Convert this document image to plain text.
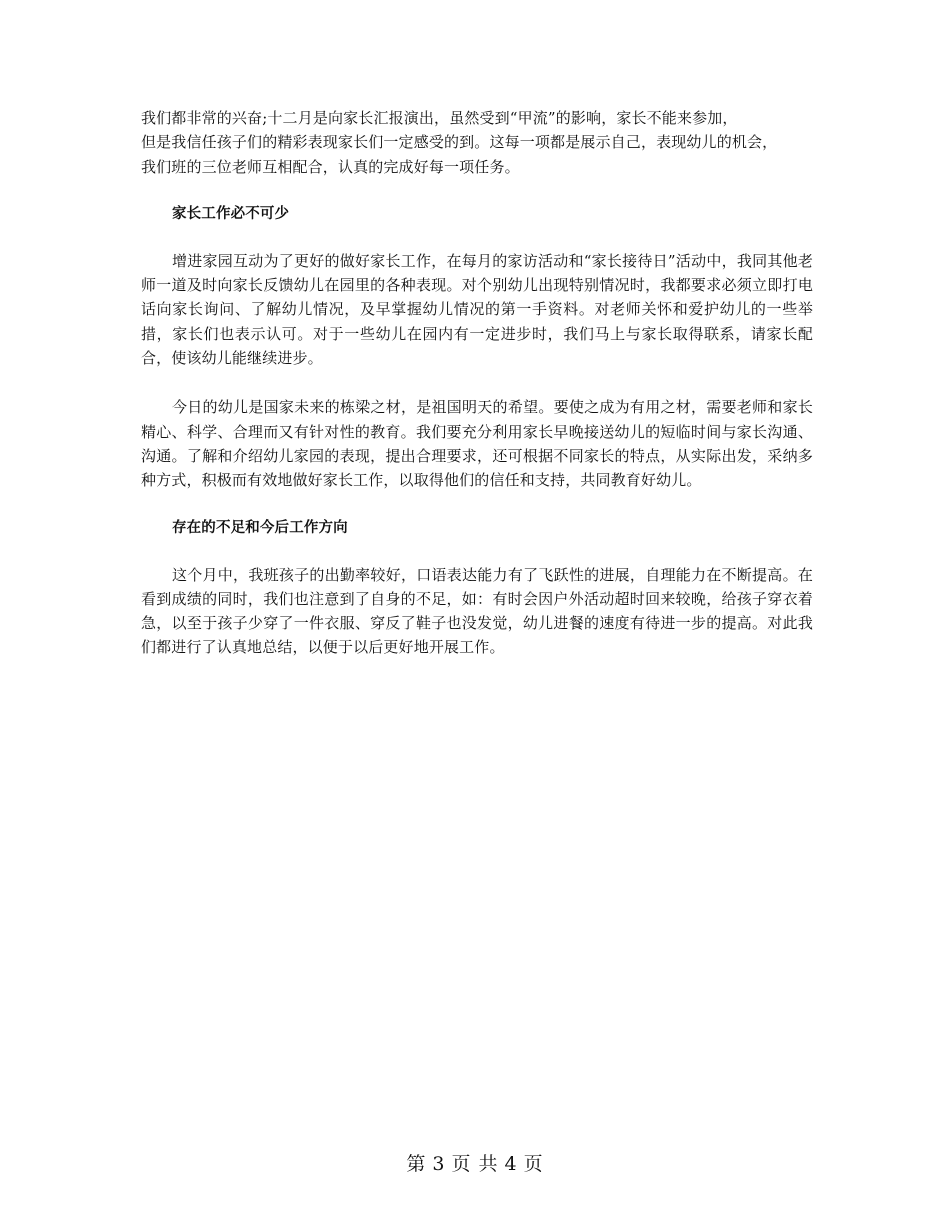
我们都非常的兴奋;十二月是向家长汇报演出，虽然受到“甲流”的影响，家长不能来参加，
但是我信任孩子们的精彩表现家长们一定感受的到。这每一项都是展示自己，表现幼儿的机会，
我们班的三位老师互相配合，认真的完成好每一项任务。

家长工作必不可少

增进家园互动为了更好的做好家长工作，在每月的家访活动和“家长接待日”活动中，我同其他老师一道及时向家长反馈幼儿在园里的各种表现。对个别幼儿出现特别情况时，我都要求必须立即打电话向家长询问、了解幼儿情况，及早掌握幼儿情况的第一手资料。对老师关怀和爱护幼儿的一些举措，家长们也表示认可。对于一些幼儿在园内有一定进步时，我们马上与家长取得联系，请家长配合，使该幼儿能继续进步。

今日的幼儿是国家未来的栋梁之材，是祖国明天的希望。要使之成为有用之材，需要老师和家长精心、科学、合理而又有针对性的教育。我们要充分利用家长早晚接送幼儿的短临时间与家长沟通、沟通。了解和介绍幼儿家园的表现，提出合理要求，还可根据不同家长的特点，从实际出发，采纳多种方式，积极而有效地做好家长工作，以取得他们的信任和支持，共同教育好幼儿。

存在的不足和今后工作方向

这个月中，我班孩子的出勤率较好，口语表达能力有了飞跃性的进展，自理能力在不断提高。在看到成绩的同时，我们也注意到了自身的不足，如：有时会因户外活动超时回来较晚，给孩子穿衣着急，以至于孩子少穿了一件衣服、穿反了鞋子也没发觉，幼儿进餐的速度有待进一步的提高。对此我们都进行了认真地总结，以便于以后更好地开展工作。

第 3 页 共 4 页
